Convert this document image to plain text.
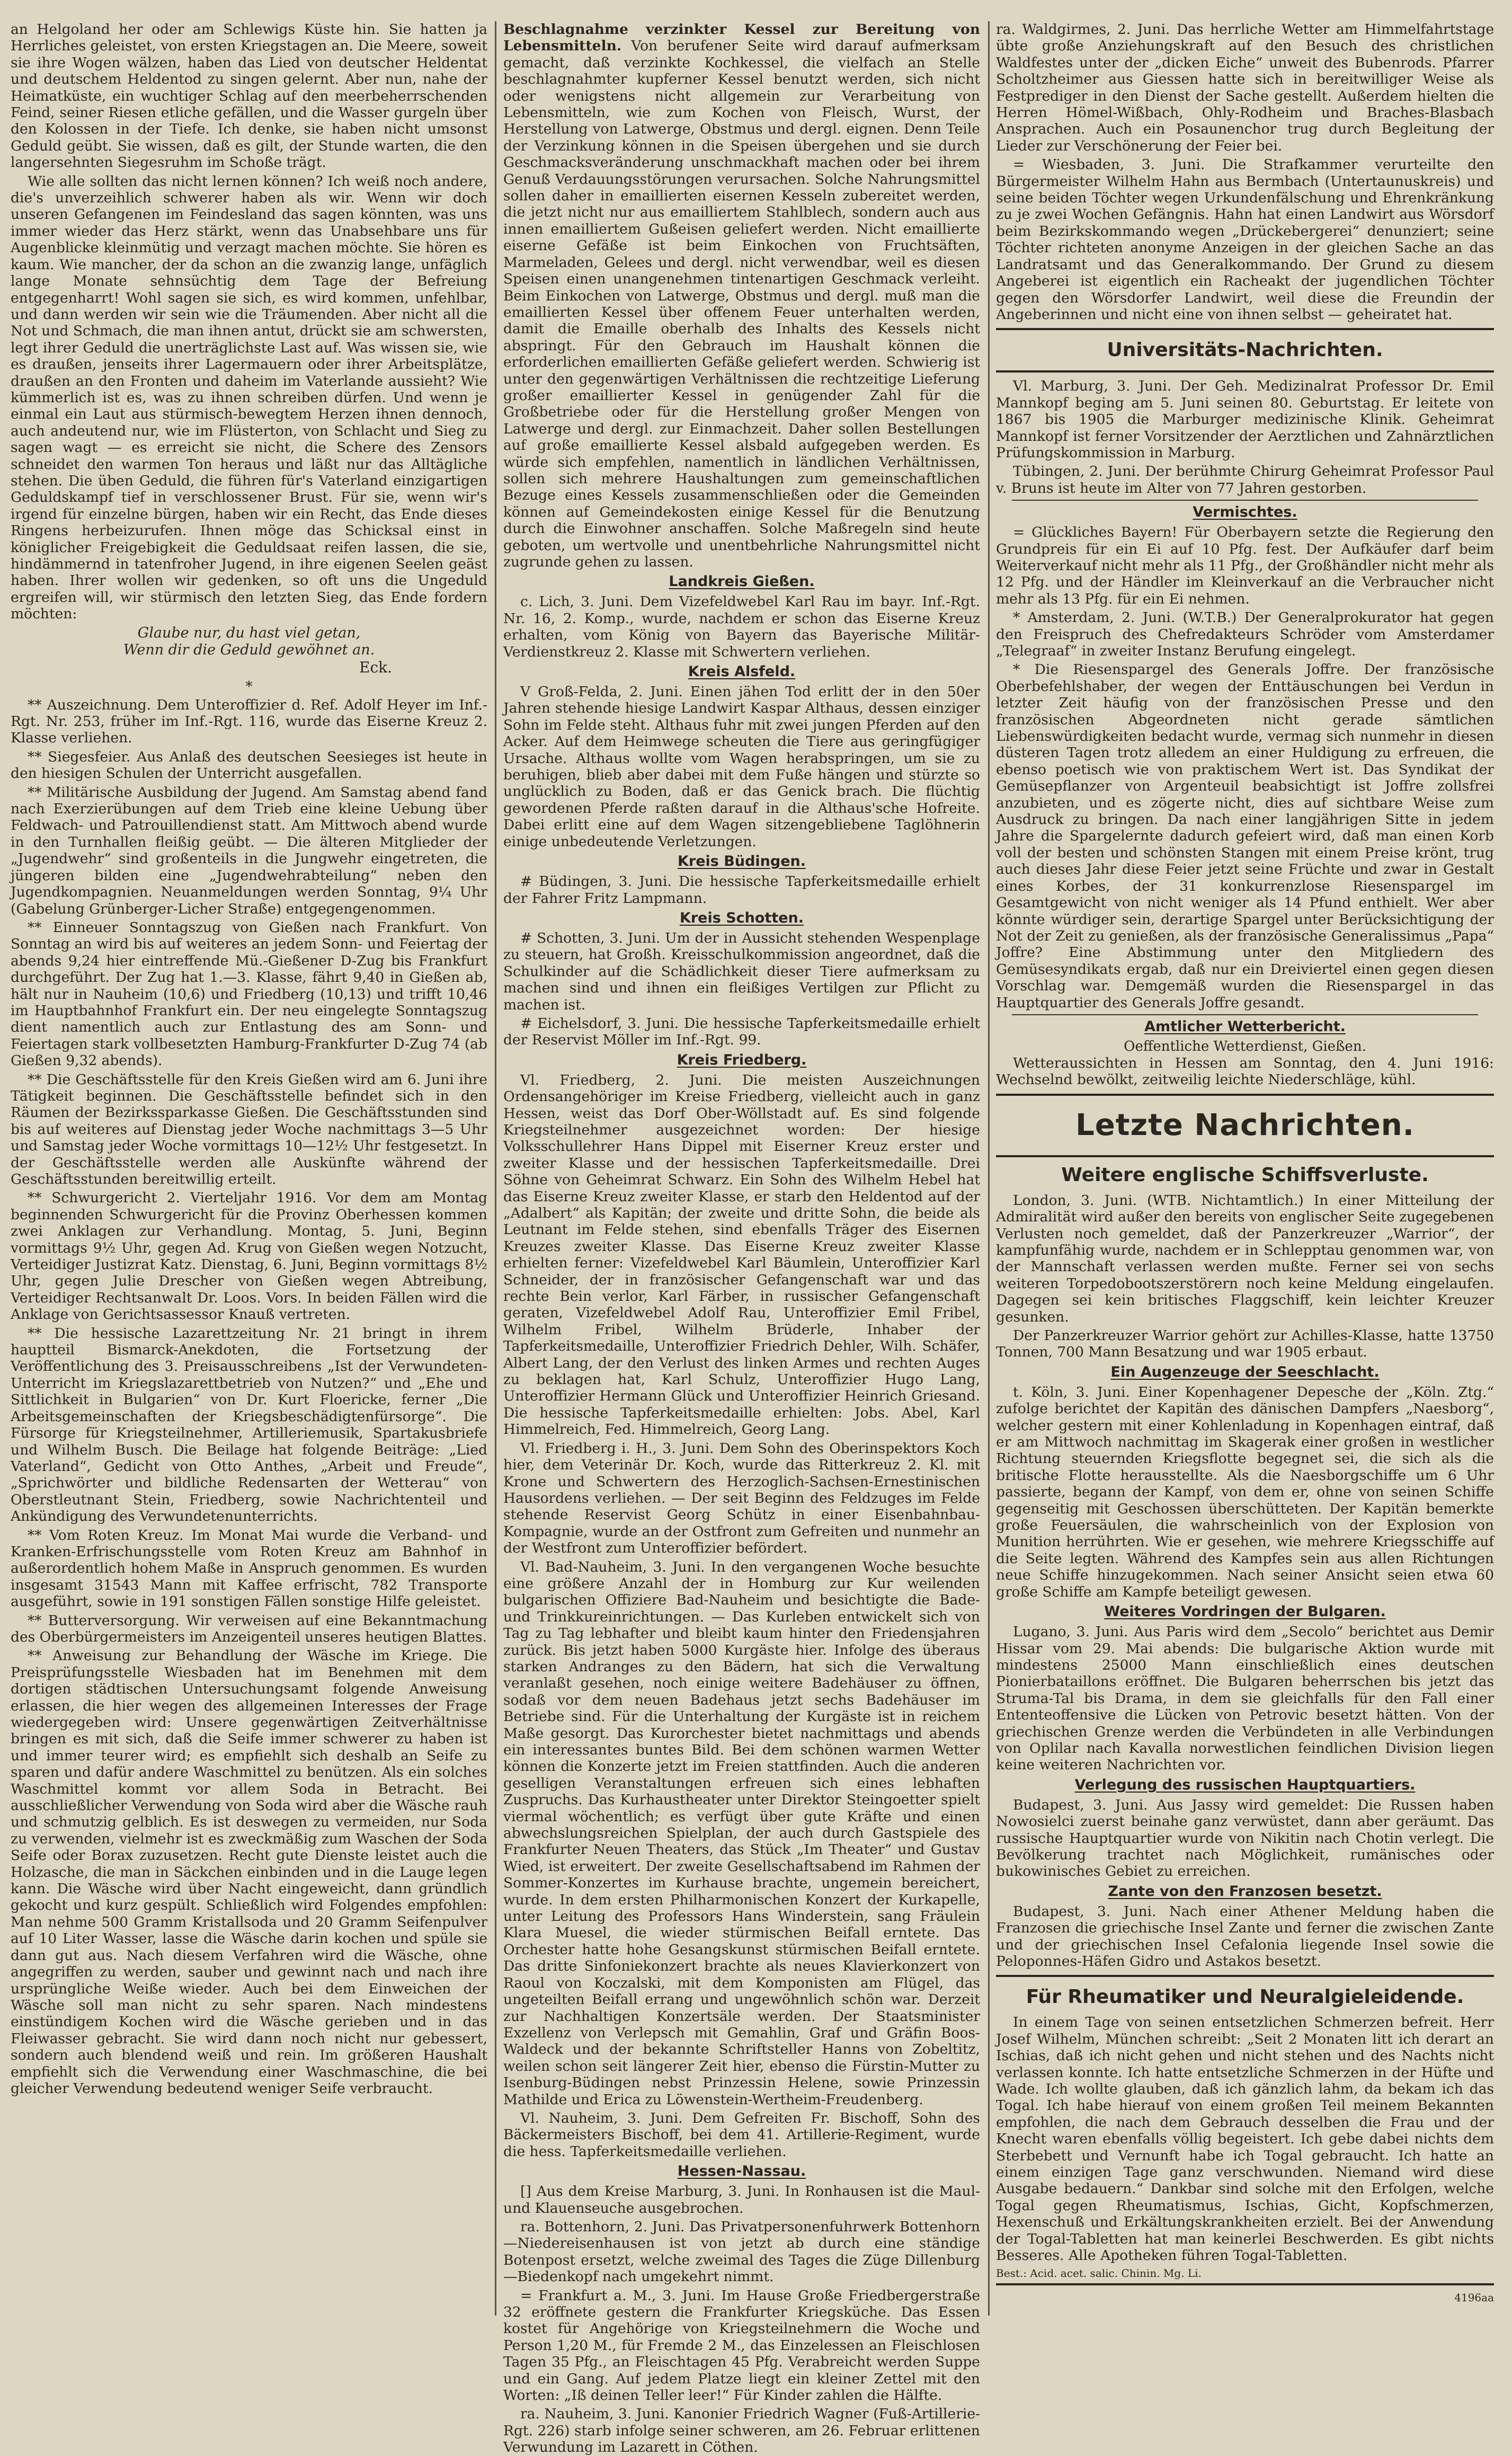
an Helgoland her oder am Schlewigs Küste hin. Sie hatten ja Herrliches geleistet, von ersten Kriegstagen an. Die Meere, soweit sie ihre Wogen wälzen, haben das Lied von deutscher Heldentat und deutschem Heldentod zu singen gelernt. Aber nun, nahe der Heimatküste, ein wuchtiger Schlag auf den meerbeherrschenden Feind, seiner Riesen etliche gefällen, und die Wasser gurgeln über den Kolossen in der Tiefe. Ich denke, sie haben nicht umsonst Geduld geübt. Sie wissen, daß es gilt, der Stunde warten, die den langersehnten Siegesruhm im Schoße trägt.

Wie alle sollten das nicht lernen können? Ich weiß noch andere, die's unverzeihlich schwerer haben als wir. Wenn wir doch unseren Gefangenen im Feindesland das sagen könnten, was uns immer wieder das Herz stärkt, wenn das Unabsehbare uns für Augenblicke kleinmütig und verzagt machen möchte. Sie hören es kaum. Wie mancher, der da schon an die zwanzig lange, unfäglich lange Monate sehnsüchtig dem Tage der Befreiung entgegenharrt! Wohl sagen sie sich, es wird kommen, unfehlbar, und dann werden wir sein wie die Träumenden. Aber nicht all die Not und Schmach, die man ihnen antut, drückt sie am schwersten, legt ihrer Geduld die unerträglichste Last auf. Was wissen sie, wie es draußen, jenseits ihrer Lagermauern oder ihrer Arbeitsplätze, draußen an den Fronten und daheim im Vaterlande aussieht? Wie kümmerlich ist es, was zu ihnen schreiben dürfen. Und wenn je einmal ein Laut aus stürmisch-bewegtem Herzen ihnen dennoch, auch andeutend nur, wie im Flüsterton, von Schlacht und Sieg zu sagen wagt — es erreicht sie nicht, die Schere des Zensors schneidet den warmen Ton heraus und läßt nur das Alltägliche stehen. Die üben Geduld, die führen für's Vaterland einzigartigen Geduldskampf tief in verschlossener Brust. Für sie, wenn wir's irgend für einzelne bürgen, haben wir ein Recht, das Ende dieses Ringens herbeizurufen. Ihnen möge das Schicksal einst in königlicher Freigebigkeit die Geduldsaat reifen lassen, die sie, hindämmernd in tatenfroher Jugend, in ihre eigenen Seelen geäst haben. Ihrer wollen wir gedenken, so oft uns die Ungeduld ergreifen will, wir stürmisch den letzten Sieg, das Ende fordern möchten:

Glaube nur, du hast viel getan,
Wenn dir die Geduld gewöhnet an.
Eck.
*

** Auszeichnung. Dem Unteroffizier d. Ref. Adolf Heyer im Inf.-Rgt. Nr. 253, früher im Inf.-Rgt. 116, wurde das Eiserne Kreuz 2. Klasse verliehen.

** Siegesfeier. Aus Anlaß des deutschen Seesieges ist heute in den hiesigen Schulen der Unterricht ausgefallen.

** Militärische Ausbildung der Jugend. Am Samstag abend fand nach Exerzierübungen auf dem Trieb eine kleine Uebung über Feldwach- und Patrouillendienst statt. Am Mittwoch abend wurde in den Turnhallen fleißig geübt. — Die älteren Mitglieder der „Jugendwehr“ sind großenteils in die Jungwehr eingetreten, die jüngeren bilden eine „Jugendwehrabteilung“ neben den Jugendkompagnien. Neuanmeldungen werden Sonntag, 9¼ Uhr (Gabelung Grünberger-Licher Straße) entgegengenommen.

** Einneuer Sonntagszug von Gießen nach Frankfurt. Von Sonntag an wird bis auf weiteres an jedem Sonn- und Feiertag der abends 9,24 hier eintreffende Mü.-Gießener D-Zug bis Frankfurt durchgeführt. Der Zug hat 1.—3. Klasse, fährt 9,40 in Gießen ab, hält nur in Nauheim (10,6) und Friedberg (10,13) und trifft 10,46 im Hauptbahnhof Frankfurt ein. Der neu eingelegte Sonntagszug dient namentlich auch zur Entlastung des am Sonn- und Feiertagen stark vollbesetzten Hamburg-Frankfurter D-Zug 74 (ab Gießen 9,32 abends).

** Die Geschäftsstelle für den Kreis Gießen wird am 6. Juni ihre Tätigkeit beginnen. Die Geschäftsstelle befindet sich in den Räumen der Bezirkssparkasse Gießen. Die Geschäftsstunden sind bis auf weiteres auf Dienstag jeder Woche nachmittags 3—5 Uhr und Samstag jeder Woche vormittags 10—12½ Uhr festgesetzt. In der Geschäftsstelle werden alle Auskünfte während der Geschäftsstunden bereitwillig erteilt.

** Schwurgericht 2. Vierteljahr 1916. Vor dem am Montag beginnenden Schwurgericht für die Provinz Oberhessen kommen zwei Anklagen zur Verhandlung. Montag, 5. Juni, Beginn vormittags 9½ Uhr, gegen Ad. Krug von Gießen wegen Notzucht, Verteidiger Justizrat Katz. Dienstag, 6. Juni, Beginn vormittags 8½ Uhr, gegen Julie Drescher von Gießen wegen Abtreibung, Verteidiger Rechtsanwalt Dr. Loos. Vors. In beiden Fällen wird die Anklage von Gerichtsassessor Knauß vertreten.

** Die hessische Lazarettzeitung Nr. 21 bringt in ihrem hauptteil Bismarck-Anekdoten, die Fortsetzung der Veröffentlichung des 3. Preisausschreibens „Ist der Verwundeten-Unterricht im Kriegslazarettbetrieb von Nutzen?“ und „Ehe und Sittlichkeit in Bulgarien“ von Dr. Kurt Floericke, ferner „Die Arbeitsgemeinschaften der Kriegsbeschädigtenfürsorge“. Die Fürsorge für Kriegsteilnehmer, Artilleriemusik, Spartakusbriefe und Wilhelm Busch. Die Beilage hat folgende Beiträge: „Lied Vaterland“, Gedicht von Otto Anthes, „Arbeit und Freude“, „Sprichwörter und bildliche Redensarten der Wetterau“ von Oberstleutnant Stein, Friedberg, sowie Nachrichtenteil und Ankündigung des Verwundetenunterrichts.

** Vom Roten Kreuz. Im Monat Mai wurde die Verband- und Kranken-Erfrischungsstelle vom Roten Kreuz am Bahnhof in außerordentlich hohem Maße in Anspruch genommen. Es wurden insgesamt 31543 Mann mit Kaffee erfrischt, 782 Transporte ausgeführt, sowie in 191 sonstigen Fällen sonstige Hilfe geleistet.

** Butterversorgung. Wir verweisen auf eine Bekanntmachung des Oberbürgermeisters im Anzeigenteil unseres heutigen Blattes.

** Anweisung zur Behandlung der Wäsche im Kriege. Die Preisprüfungsstelle Wiesbaden hat im Benehmen mit dem dortigen städtischen Untersuchungsamt folgende Anweisung erlassen, die hier wegen des allgemeinen Interesses der Frage wiedergegeben wird: Unsere gegenwärtigen Zeitverhältnisse bringen es mit sich, daß die Seife immer schwerer zu haben ist und immer teurer wird; es empfiehlt sich deshalb an Seife zu sparen und dafür andere Waschmittel zu benützen. Als ein solches Waschmittel kommt vor allem Soda in Betracht. Bei ausschließlicher Verwendung von Soda wird aber die Wäsche rauh und schmutzig gelblich. Es ist deswegen zu vermeiden, nur Soda zu verwenden, vielmehr ist es zweckmäßig zum Waschen der Soda Seife oder Borax zuzusetzen. Recht gute Dienste leistet auch die Holzasche, die man in Säckchen einbinden und in die Lauge legen kann. Die Wäsche wird über Nacht eingeweicht, dann gründlich gekocht und kurz gespült. Schließlich wird Folgendes empfohlen: Man nehme 500 Gramm Kristallsoda und 20 Gramm Seifenpulver auf 10 Liter Wasser, lasse die Wäsche darin kochen und spüle sie dann gut aus. Nach diesem Verfahren wird die Wäsche, ohne angegriffen zu werden, sauber und gewinnt nach und nach ihre ursprüngliche Weiße wieder. Auch bei dem Einweichen der Wäsche soll man nicht zu sehr sparen. Nach mindestens einstündigem Kochen wird die Wäsche gerieben und in das Fleiwasser gebracht. Sie wird dann noch nicht nur gebessert, sondern auch blendend weiß und rein. Im größeren Haushalt empfiehlt sich die Verwendung einer Waschmaschine, die bei gleicher Verwendung bedeutend weniger Seife verbraucht.

Beschlagnahme verzinkter Kessel zur Bereitung von Lebensmitteln. Von berufener Seite wird darauf aufmerksam gemacht, daß verzinkte Kochkessel, die vielfach an Stelle beschlagnahmter kupferner Kessel benutzt werden, sich nicht oder wenigstens nicht allgemein zur Verarbeitung von Lebensmitteln, wie zum Kochen von Fleisch, Wurst, der Herstellung von Latwerge, Obstmus und dergl. eignen. Denn Teile der Verzinkung können in die Speisen übergehen und sie durch Geschmacksveränderung unschmackhaft machen oder bei ihrem Genuß Verdauungsstörungen verursachen. Solche Nahrungsmittel sollen daher in emaillierten eisernen Kesseln zubereitet werden, die jetzt nicht nur aus emailliertem Stahlblech, sondern auch aus innen emailliertem Gußeisen geliefert werden. Nicht emaillierte eiserne Gefäße ist beim Einkochen von Fruchtsäften, Marmeladen, Gelees und dergl. nicht verwendbar, weil es diesen Speisen einen unangenehmen tintenartigen Geschmack verleiht. Beim Einkochen von Latwerge, Obstmus und dergl. muß man die emaillierten Kessel über offenem Feuer unterhalten werden, damit die Emaille oberhalb des Inhalts des Kessels nicht abspringt. Für den Gebrauch im Haushalt können die erforderlichen emaillierten Gefäße geliefert werden. Schwierig ist unter den gegenwärtigen Verhältnissen die rechtzeitige Lieferung großer emaillierter Kessel in genügender Zahl für die Großbetriebe oder für die Herstellung großer Mengen von Latwerge und dergl. zur Einmachzeit. Daher sollen Bestellungen auf große emaillierte Kessel alsbald aufgegeben werden. Es würde sich empfehlen, namentlich in ländlichen Verhältnissen, sollen sich mehrere Haushaltungen zum gemeinschaftlichen Bezuge eines Kessels zusammenschließen oder die Gemeinden können auf Gemeindekosten einige Kessel für die Benutzung durch die Einwohner anschaffen. Solche Maßregeln sind heute geboten, um wertvolle und unentbehrliche Nahrungsmittel nicht zugrunde gehen zu lassen.

Landkreis Gießen.

c. Lich, 3. Juni. Dem Vizefeldwebel Karl Rau im bayr. Inf.-Rgt. Nr. 16, 2. Komp., wurde, nachdem er schon das Eiserne Kreuz erhalten, vom König von Bayern das Bayerische Militär-Verdienstkreuz 2. Klasse mit Schwertern verliehen.

Kreis Alsfeld.

V Groß-Felda, 2. Juni. Einen jähen Tod erlitt der in den 50er Jahren stehende hiesige Landwirt Kaspar Althaus, dessen einziger Sohn im Felde steht. Althaus fuhr mit zwei jungen Pferden auf den Acker. Auf dem Heimwege scheuten die Tiere aus geringfügiger Ursache. Althaus wollte vom Wagen herabspringen, um sie zu beruhigen, blieb aber dabei mit dem Fuße hängen und stürzte so unglücklich zu Boden, daß er das Genick brach. Die flüchtig gewordenen Pferde raßten darauf in die Althaus'sche Hofreite. Dabei erlitt eine auf dem Wagen sitzengebliebene Taglöhnerin einige unbedeutende Verletzungen.

Kreis Büdingen.

# Büdingen, 3. Juni. Die hessische Tapferkeitsmedaille erhielt der Fahrer Fritz Lampmann.

Kreis Schotten.

# Schotten, 3. Juni. Um der in Aussicht stehenden Wespenplage zu steuern, hat Großh. Kreisschulkommission angeordnet, daß die Schulkinder auf die Schädlichkeit dieser Tiere aufmerksam zu machen sind und ihnen ein fleißiges Vertilgen zur Pflicht zu machen ist.

# Eichelsdorf, 3. Juni. Die hessische Tapferkeitsmedaille erhielt der Reservist Möller im Inf.-Rgt. 99.

Kreis Friedberg.

Vl. Friedberg, 2. Juni. Die meisten Auszeichnungen Ordensangehöriger im Kreise Friedberg, vielleicht auch in ganz Hessen, weist das Dorf Ober-Wöllstadt auf. Es sind folgende Kriegsteilnehmer ausgezeichnet worden: Der hiesige Volksschullehrer Hans Dippel mit Eiserner Kreuz erster und zweiter Klasse und der hessischen Tapferkeitsmedaille. Drei Söhne von Geheimrat Schwarz. Ein Sohn des Wilhelm Hebel hat das Eiserne Kreuz zweiter Klasse, er starb den Heldentod auf der „Adalbert“ als Kapitän; der zweite und dritte Sohn, die beide als Leutnant im Felde stehen, sind ebenfalls Träger des Eisernen Kreuzes zweiter Klasse. Das Eiserne Kreuz zweiter Klasse erhielten ferner: Vizefeldwebel Karl Bäumlein, Unteroffizier Karl Schneider, der in französischer Gefangenschaft war und das rechte Bein verlor, Karl Färber, in russischer Gefangenschaft geraten, Vizefeldwebel Adolf Rau, Unteroffizier Emil Fribel, Wilhelm Fribel, Wilhelm Brüderle, Inhaber der Tapferkeitsmedaille, Unteroffizier Friedrich Dehler, Wilh. Schäfer, Albert Lang, der den Verlust des linken Armes und rechten Auges zu beklagen hat, Karl Schulz, Unteroffizier Hugo Lang, Unteroffizier Hermann Glück und Unteroffizier Heinrich Griesand. Die hessische Tapferkeitsmedaille erhielten: Jobs. Abel, Karl Himmelreich, Fed. Himmelreich, Georg Lang.

Vl. Friedberg i. H., 3. Juni. Dem Sohn des Oberinspektors Koch hier, dem Veterinär Dr. Koch, wurde das Ritterkreuz 2. Kl. mit Krone und Schwertern des Herzoglich-Sachsen-Ernestinischen Hausordens verliehen. — Der seit Beginn des Feldzuges im Felde stehende Reservist Georg Schütz in einer Eisenbahnbau-Kompagnie, wurde an der Ostfront zum Gefreiten und nunmehr an der Westfront zum Unteroffizier befördert.

Vl. Bad-Nauheim, 3. Juni. In den vergangenen Woche besuchte eine größere Anzahl der in Homburg zur Kur weilenden bulgarischen Offiziere Bad-Nauheim und besichtigte die Bade- und Trinkkureinrichtungen. — Das Kurleben entwickelt sich von Tag zu Tag lebhafter und bleibt kaum hinter den Friedensjahren zurück. Bis jetzt haben 5000 Kurgäste hier. Infolge des überaus starken Andranges zu den Bädern, hat sich die Verwaltung veranlaßt gesehen, noch einige weitere Badehäuser zu öffnen, sodaß vor dem neuen Badehaus jetzt sechs Badehäuser im Betriebe sind. Für die Unterhaltung der Kurgäste ist in reichem Maße gesorgt. Das Kurorchester bietet nachmittags und abends ein interessantes buntes Bild. Bei dem schönen warmen Wetter können die Konzerte jetzt im Freien stattfinden. Auch die anderen geselligen Veranstaltungen erfreuen sich eines lebhaften Zuspruchs. Das Kurhaustheater unter Direktor Steingoetter spielt viermal wöchentlich; es verfügt über gute Kräfte und einen abwechslungsreichen Spielplan, der auch durch Gastspiele des Frankfurter Neuen Theaters, das Stück „Im Theater“ und Gustav Wied, ist erweitert. Der zweite Gesellschaftsabend im Rahmen der Sommer-Konzertes im Kurhause brachte, ungemein bereichert, wurde. In dem ersten Philharmonischen Konzert der Kurkapelle, unter Leitung des Professors Hans Winderstein, sang Fräulein Klara Muesel, die wieder stürmischen Beifall erntete. Das Orchester hatte hohe Gesangskunst stürmischen Beifall erntete. Das dritte Sinfoniekonzert brachte als neues Klavierkonzert von Raoul von Koczalski, mit dem Komponisten am Flügel, das ungeteilten Beifall errang und ungewöhnlich schön war. Derzeit zur Nachhaltigen Konzertsäle werden. Der Staatsminister Exzellenz von Verlepsch mit Gemahlin, Graf und Gräfin Boos-Waldeck und der bekannte Schriftsteller Hanns von Zobeltitz, weilen schon seit längerer Zeit hier, ebenso die Fürstin-Mutter zu Isenburg-Büdingen nebst Prinzessin Helene, sowie Prinzessin Mathilde und Erica zu Löwenstein-Wertheim-Freudenberg.

Vl. Nauheim, 3. Juni. Dem Gefreiten Fr. Bischoff, Sohn des Bäckermeisters Bischoff, bei dem 41. Artillerie-Regiment, wurde die hess. Tapferkeitsmedaille verliehen.

Hessen-Nassau.

[] Aus dem Kreise Marburg, 3. Juni. In Ronhausen ist die Maul- und Klauenseuche ausgebrochen.

ra. Bottenhorn, 2. Juni. Das Privatpersonenfuhrwerk Bottenhorn—Niedereisenhausen ist von jetzt ab durch eine ständige Botenpost ersetzt, welche zweimal des Tages die Züge Dillenburg—Biedenkopf nach umgekehrt nimmt.

= Frankfurt a. M., 3. Juni. Im Hause Große Friedbergerstraße 32 eröffnete gestern die Frankfurter Kriegsküche. Das Essen kostet für Angehörige von Kriegsteilnehmern die Woche und Person 1,20 M., für Fremde 2 M., das Einzelessen an Fleischlosen Tagen 35 Pfg., an Fleischtagen 45 Pfg. Verabreicht werden Suppe und ein Gang. Auf jedem Platze liegt ein kleiner Zettel mit den Worten: „Iß deinen Teller leer!“ Für Kinder zahlen die Hälfte.

ra. Nauheim, 3. Juni. Kanonier Friedrich Wagner (Fuß-Artillerie-Rgt. 226) starb infolge seiner schweren, am 26. Februar erlittenen Verwundung im Lazarett in Cöthen.

ra. Waldgirmes, 2. Juni. Das herrliche Wetter am Himmelfahrtstage übte große Anziehungskraft auf den Besuch des christlichen Waldfestes unter der „dicken Eiche“ unweit des Bubenrods. Pfarrer Scholtzheimer aus Giessen hatte sich in bereitwilliger Weise als Festprediger in den Dienst der Sache gestellt. Außerdem hielten die Herren Hömel-Wißbach, Ohly-Rodheim und Braches-Blasbach Ansprachen. Auch ein Posaunenchor trug durch Begleitung der Lieder zur Verschönerung der Feier bei.

= Wiesbaden, 3. Juni. Die Strafkammer verurteilte den Bürgermeister Wilhelm Hahn aus Bermbach (Untertaunuskreis) und seine beiden Töchter wegen Urkundenfälschung und Ehrenkränkung zu je zwei Wochen Gefängnis. Hahn hat einen Landwirt aus Wörsdorf beim Bezirkskommando wegen „Drückebergerei“ denunziert; seine Töchter richteten anonyme Anzeigen in der gleichen Sache an das Landratsamt und das Generalkommando. Der Grund zu diesem Angeberei ist eigentlich ein Racheakt der jugendlichen Töchter gegen den Wörsdorfer Landwirt, weil diese die Freundin der Angeberinnen und nicht eine von ihnen selbst — geheiratet hat.

Universitäts-Nachrichten.

Vl. Marburg, 3. Juni. Der Geh. Medizinalrat Professor Dr. Emil Mannkopf beging am 5. Juni seinen 80. Geburtstag. Er leitete von 1867 bis 1905 die Marburger medizinische Klinik. Geheimrat Mannkopf ist ferner Vorsitzender der Aerztlichen und Zahnärztlichen Prüfungskommission in Marburg.

Tübingen, 2. Juni. Der berühmte Chirurg Geheimrat Professor Paul v. Bruns ist heute im Alter von 77 Jahren gestorben.

Vermischtes.

= Glückliches Bayern! Für Oberbayern setzte die Regierung den Grundpreis für ein Ei auf 10 Pfg. fest. Der Aufkäufer darf beim Weiterverkauf nicht mehr als 11 Pfg., der Großhändler nicht mehr als 12 Pfg. und der Händler im Kleinverkauf an die Verbraucher nicht mehr als 13 Pfg. für ein Ei nehmen.

* Amsterdam, 2. Juni. (W.T.B.) Der Generalprokurator hat gegen den Freispruch des Chefredakteurs Schröder vom Amsterdamer „Telegraaf“ in zweiter Instanz Berufung eingelegt.

* Die Riesenspargel des Generals Joffre. Der französische Oberbefehlshaber, der wegen der Enttäuschungen bei Verdun in letzter Zeit häufig von der französischen Presse und den französischen Abgeordneten nicht gerade sämtlichen Liebenswürdigkeiten bedacht wurde, vermag sich nunmehr in diesen düsteren Tagen trotz alledem an einer Huldigung zu erfreuen, die ebenso poetisch wie von praktischem Wert ist. Das Syndikat der Gemüsepflanzer von Argenteuil beabsichtigt ist Joffre zollsfrei anzubieten, und es zögerte nicht, dies auf sichtbare Weise zum Ausdruck zu bringen. Da nach einer langjährigen Sitte in jedem Jahre die Spargelernte dadurch gefeiert wird, daß man einen Korb voll der besten und schönsten Stangen mit einem Preise krönt, trug auch dieses Jahr diese Feier jetzt seine Früchte und zwar in Gestalt eines Korbes, der 31 konkurrenzlose Riesenspargel im Gesamtgewicht von nicht weniger als 14 Pfund enthielt. Wer aber könnte würdiger sein, derartige Spargel unter Berücksichtigung der Not der Zeit zu genießen, als der französische Generalissimus „Papa“ Joffre? Eine Abstimmung unter den Mitgliedern des Gemüsesyndikats ergab, daß nur ein Dreiviertel einen gegen diesen Vorschlag war. Demgemäß wurden die Riesenspargel in das Hauptquartier des Generals Joffre gesandt.

Amtlicher Wetterbericht.
Oeffentliche Wetterdienst, Gießen.

Wetteraussichten in Hessen am Sonntag, den 4. Juni 1916: Wechselnd bewölkt, zeitweilig leichte Niederschläge, kühl.

Letzte Nachrichten.
Weitere englische Schiffsverluste.

London, 3. Juni. (WTB. Nichtamtlich.) In einer Mitteilung der Admiralität wird außer den bereits von englischer Seite zugegebenen Verlusten noch gemeldet, daß der Panzerkreuzer „Warrior“, der kampfunfähig wurde, nachdem er in Schlepptau genommen war, von der Mannschaft verlassen werden mußte. Ferner sei von sechs weiteren Torpedobootszerstörern noch keine Meldung eingelaufen. Dagegen sei kein britisches Flaggschiff, kein leichter Kreuzer gesunken.

Der Panzerkreuzer Warrior gehört zur Achilles-Klasse, hatte 13750 Tonnen, 700 Mann Besatzung und war 1905 erbaut.

Ein Augenzeuge der Seeschlacht.

t. Köln, 3. Juni. Einer Kopenhagener Depesche der „Köln. Ztg.“ zufolge berichtet der Kapitän des dänischen Dampfers „Naesborg“, welcher gestern mit einer Kohlenladung in Kopenhagen eintraf, daß er am Mittwoch nachmittag im Skagerak einer großen in westlicher Richtung steuernden Kriegsflotte begegnet sei, die sich als die britische Flotte herausstellte. Als die Naesborgschiffe um 6 Uhr passierte, begann der Kampf, von dem er, ohne von seinen Schiffe gegenseitig mit Geschossen überschütteten. Der Kapitän bemerkte große Feuersäulen, die wahrscheinlich von der Explosion von Munition herrührten. Wie er gesehen, wie mehrere Kriegsschiffe auf die Seite legten. Während des Kampfes sein aus allen Richtungen neue Schiffe hinzugekommen. Nach seiner Ansicht seien etwa 60 große Schiffe am Kampfe beteiligt gewesen.

Weiteres Vordringen der Bulgaren.

Lugano, 3. Juni. Aus Paris wird dem „Secolo“ berichtet aus Demir Hissar vom 29. Mai abends: Die bulgarische Aktion wurde mit mindestens 25000 Mann einschließlich eines deutschen Pionierbataillons eröffnet. Die Bulgaren beherrschen bis jetzt das Struma-Tal bis Drama, in dem sie gleichfalls für den Fall einer Ententeoffensive die Lücken von Petrovic besetzt hätten. Von der griechischen Grenze werden die Verbündeten in alle Verbindungen von Oplilar nach Kavalla norwestlichen feindlichen Division liegen keine weiteren Nachrichten vor.

Verlegung des russischen Hauptquartiers.

Budapest, 3. Juni. Aus Jassy wird gemeldet: Die Russen haben Nowosielci zuerst beinahe ganz verwüstet, dann aber geräumt. Das russische Hauptquartier wurde von Nikitin nach Chotin verlegt. Die Bevölkerung trachtet nach Möglichkeit, rumänisches oder bukowinisches Gebiet zu erreichen.

Zante von den Franzosen besetzt.

Budapest, 3. Juni. Nach einer Athener Meldung haben die Franzosen die griechische Insel Zante und ferner die zwischen Zante und der griechischen Insel Cefalonia liegende Insel sowie die Peloponnes-Häfen Gidro und Astakos besetzt.

Für Rheumatiker und Neuralgieleidende.

In einem Tage von seinen entsetzlichen Schmerzen befreit. Herr Josef Wilhelm, München schreibt: „Seit 2 Monaten litt ich derart an Ischias, daß ich nicht gehen und nicht stehen und des Nachts nicht verlassen konnte. Ich hatte entsetzliche Schmerzen in der Hüfte und Wade. Ich wollte glauben, daß ich gänzlich lahm, da bekam ich das Togal. Ich habe hierauf von einem großen Teil meinem Bekannten empfohlen, die nach dem Gebrauch desselben die Frau und der Knecht waren ebenfalls völlig begeistert. Ich gebe dabei nichts dem Sterbebett und Vernunft habe ich Togal gebraucht. Ich hatte an einem einzigen Tage ganz verschwunden. Niemand wird diese Ausgabe bedauern.“ Dankbar sind solche mit den Erfolgen, welche Togal gegen Rheumatismus, Ischias, Gicht, Kopfschmerzen, Hexenschuß und Erkältungskrankheiten erzielt. Bei der Anwendung der Togal-Tabletten hat man keinerlei Beschwerden. Es gibt nichts Besseres. Alle Apotheken führen Togal-Tabletten.

Best.: Acid. acet. salic. Chinin. Mg. Li.
4196aa
